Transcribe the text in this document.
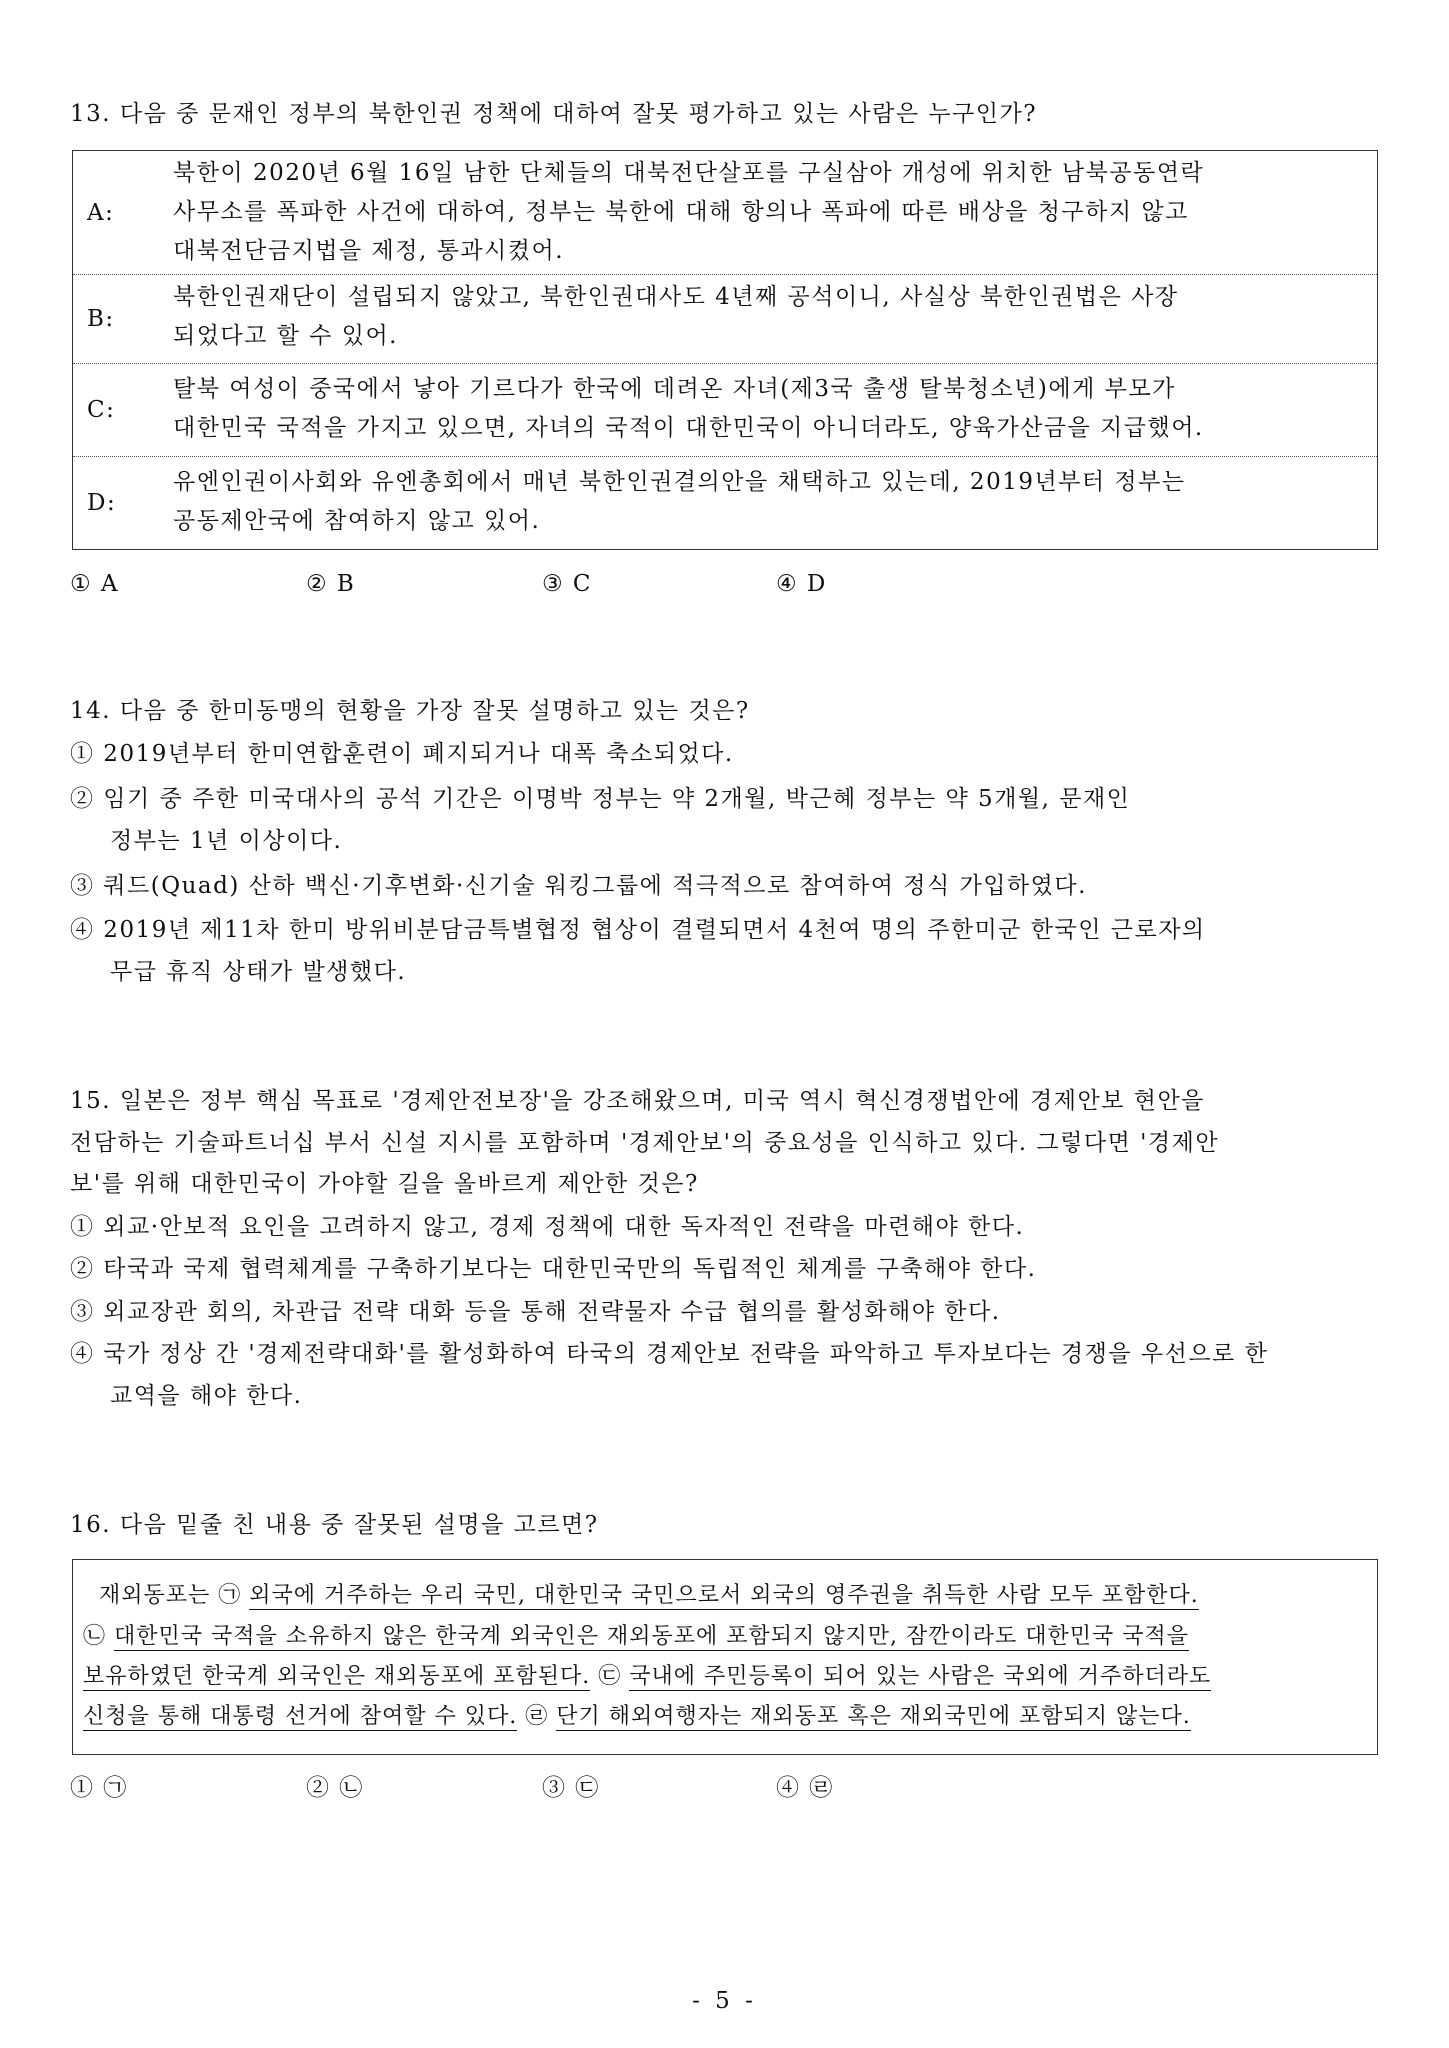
13. 다음 중 문재인 정부의 북한인권 정책에 대하여 잘못 평가하고 있는 사람은 누구인가?
A:
북한이 2020년 6월 16일 남한 단체들의 대북전단살포를 구실삼아 개성에 위치한 남북공동연락
사무소를 폭파한 사건에 대하여, 정부는 북한에 대해 항의나 폭파에 따른 배상을 청구하지 않고
대북전단금지법을 제정, 통과시켰어.
B:
북한인권재단이 설립되지 않았고, 북한인권대사도 4년째 공석이니, 사실상 북한인권법은 사장
되었다고 할 수 있어.
C:
탈북 여성이 중국에서 낳아 기르다가 한국에 데려온 자녀(제3국 출생 탈북청소년)에게 부모가
대한민국 국적을 가지고 있으면, 자녀의 국적이 대한민국이 아니더라도, 양육가산금을 지급했어.
D:
유엔인권이사회와 유엔총회에서 매년 북한인권결의안을 채택하고 있는데, 2019년부터 정부는
공동제안국에 참여하지 않고 있어.
① A	② B	③ C	④ D
14. 다음 중 한미동맹의 현황을 가장 잘못 설명하고 있는 것은?
① 2019년부터 한미연합훈련이 폐지되거나 대폭 축소되었다.
② 임기 중 주한 미국대사의 공석 기간은 이명박 정부는 약 2개월, 박근혜 정부는 약 5개월, 문재인
정부는 1년 이상이다.
③ 쿼드(Quad) 산하 백신·기후변화·신기술 워킹그룹에 적극적으로 참여하여 정식 가입하였다.
④ 2019년 제11차 한미 방위비분담금특별협정 협상이 결렬되면서 4천여 명의 주한미군 한국인 근로자의
무급 휴직 상태가 발생했다.
15. 일본은 정부 핵심 목표로 '경제안전보장'을 강조해왔으며, 미국 역시 혁신경쟁법안에 경제안보 현안을
전담하는 기술파트너십 부서 신설 지시를 포함하며 '경제안보'의 중요성을 인식하고 있다. 그렇다면 '경제안
보'를 위해 대한민국이 가야할 길을 올바르게 제안한 것은?
① 외교·안보적 요인을 고려하지 않고, 경제 정책에 대한 독자적인 전략을 마련해야 한다.
② 타국과 국제 협력체계를 구축하기보다는 대한민국만의 독립적인 체계를 구축해야 한다.
③ 외교장관 회의, 차관급 전략 대화 등을 통해 전략물자 수급 협의를 활성화해야 한다.
④ 국가 정상 간 '경제전략대화'를 활성화하여 타국의 경제안보 전략을 파악하고 투자보다는 경쟁을 우선으로 한
교역을 해야 한다.
16. 다음 밑줄 친 내용 중 잘못된 설명을 고르면?
재외동포는 ㉠ 외국에 거주하는 우리 국민, 대한민국 국민으로서 외국의 영주권을 취득한 사람 모두 포함한다.
㉡ 대한민국 국적을 소유하지 않은 한국계 외국인은 재외동포에 포함되지 않지만, 잠깐이라도 대한민국 국적을
보유하였던 한국계 외국인은 재외동포에 포함된다. ㉢ 국내에 주민등록이 되어 있는 사람은 국외에 거주하더라도
신청을 통해 대통령 선거에 참여할 수 있다. ㉣ 단기 해외여행자는 재외동포 혹은 재외국민에 포함되지 않는다.
① ㉠	② ㉡	③ ㉢	④ ㉣
- 5 -
